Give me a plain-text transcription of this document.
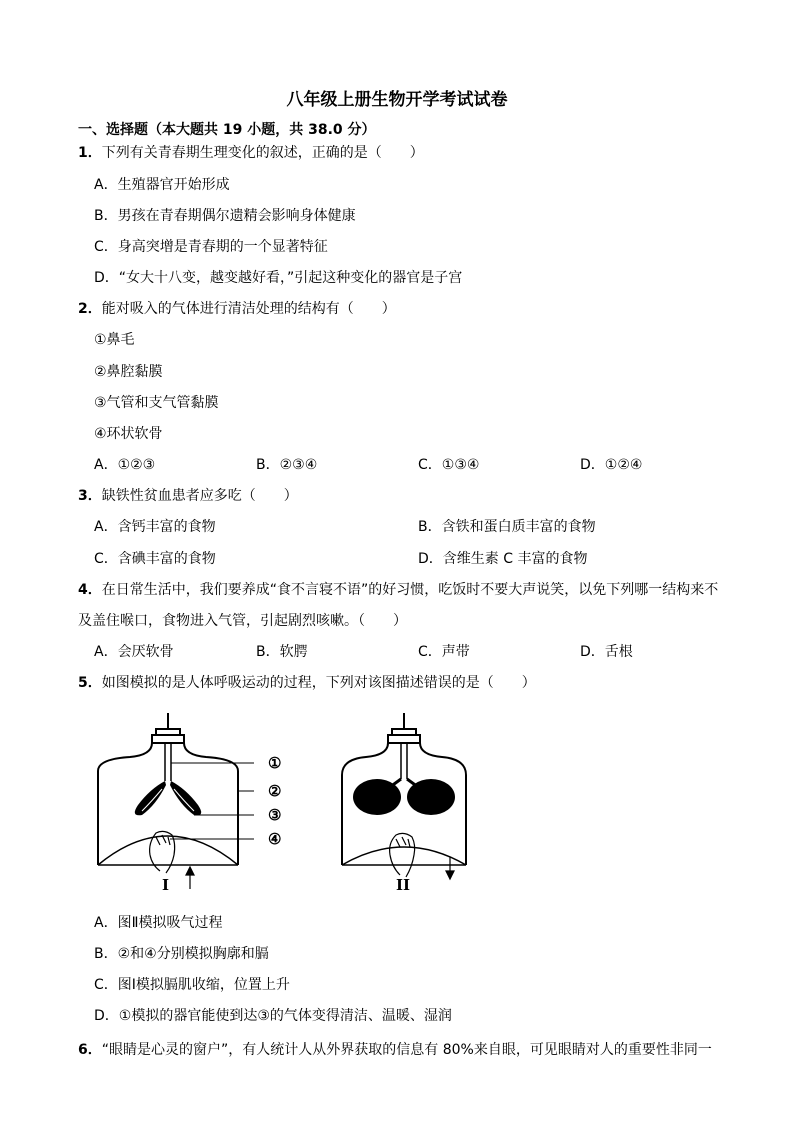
八年级上册生物开学考试试卷
一、选择题（本大题共 19 小题，共 38.0 分）
1．下列有关青春期生理变化的叙述，正确的是（　　）
A．生殖器官开始形成
B．男孩在青春期偶尔遗精会影响身体健康
C．身高突增是青春期的一个显著特征
D．“女大十八变，越变越好看，”引起这种变化的器官是子宫
2．能对吸入的气体进行清洁处理的结构有（　　）
①鼻毛
②鼻腔黏膜
③气管和支气管黏膜
④环状软骨
A．①②③	B．②③④	C．①③④	D．①②④
3．缺铁性贫血患者应多吃（　　）
A．含钙丰富的食物	B．含铁和蛋白质丰富的食物
C．含碘丰富的食物	D．含维生素 C 丰富的食物
4．在日常生活中，我们要养成“食不言寝不语”的好习惯，吃饭时不要大声说笑，以免下列哪一结构来不
及盖住喉口，食物进入气管，引起剧烈咳嗽。（　　）
A．会厌软骨	B．软腭	C．声带	D．舌根
5．如图模拟的是人体呼吸运动的过程，下列对该图描述错误的是（　　）
①
②
③
④
I	II
A．图Ⅱ模拟吸气过程
B．②和④分别模拟胸廓和膈
C．图Ⅰ模拟膈肌收缩，位置上升
D．①模拟的器官能使到达③的气体变得清洁、温暖、湿润
6．“眼睛是心灵的窗户”，有人统计人从外界获取的信息有 80%来自眼，可见眼睛对人的重要性非同一
